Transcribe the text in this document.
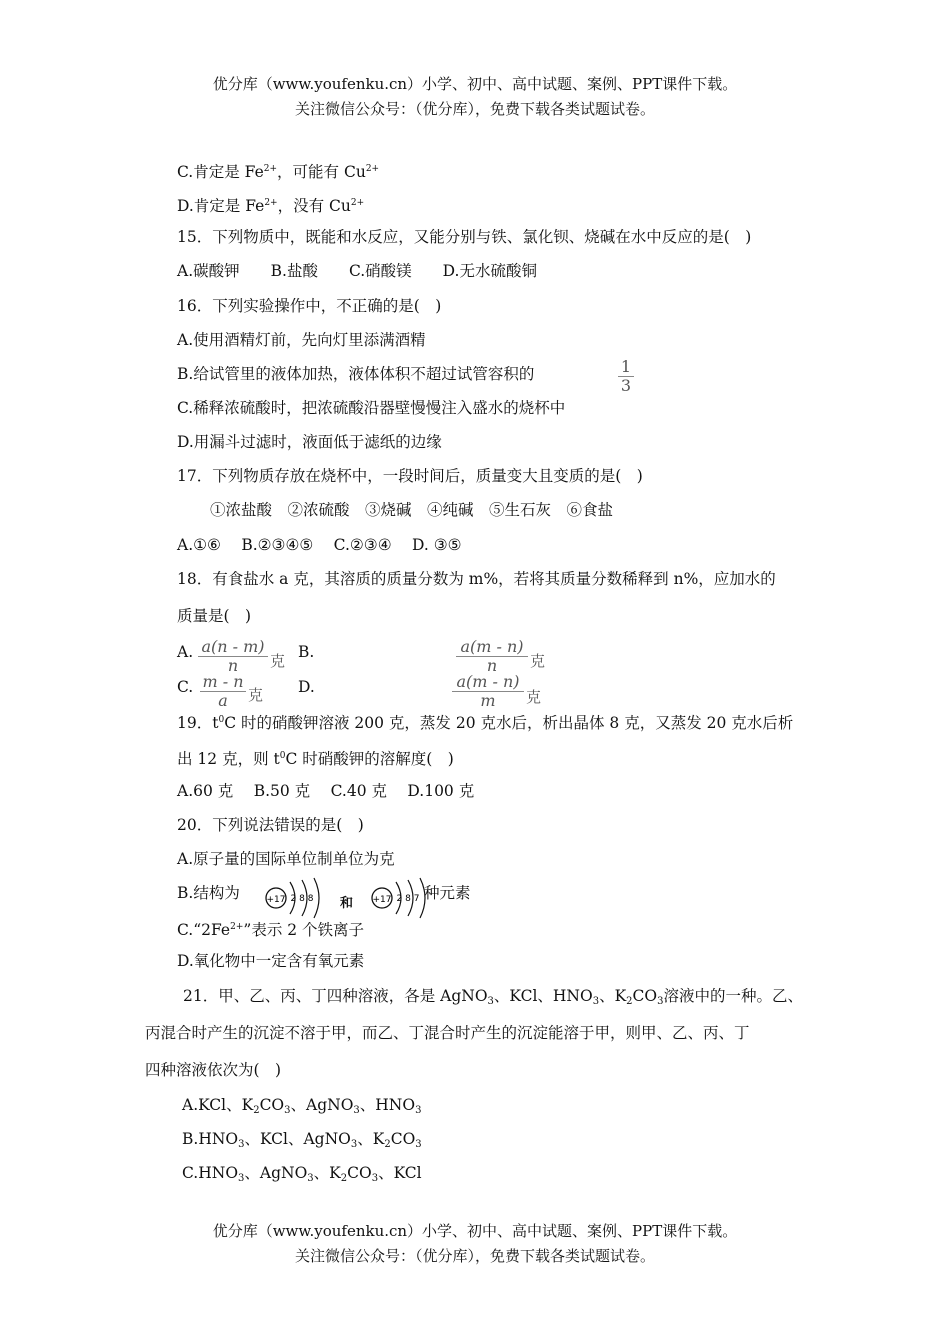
优分库（www.youfenku.cn）小学、初中、高中试题、案例、PPT课件下载。
关注微信公众号：（优分库），免费下载各类试题试卷。
C.肯定是 $Fe^{2+}$，可能有 $Cu^{2+}$
D.肯定是 $Fe^{2+}$，没有 $Cu^{2+}$
15．下列物质中，既能和水反应，又能分别与铁、氯化钡、烧碱在水中反应的是(　)
A.碳酸钾　　B.盐酸　　C.硝酸镁　　D.无水硫酸铜
16．下列实验操作中，不正确的是(　)
A.使用酒精灯前，先向灯里添满酒精
B.给试管里的液体加热，液体体积不超过试管容积的	$\frac{1}{3}$
C.稀释浓硫酸时，把浓硫酸沿器壁慢慢注入盛水的烧杯中
D.用漏斗过滤时，液面低于滤纸的边缘
17．下列物质存放在烧杯中，一段时间后，质量变大且变质的是(　)
①浓盐酸　②浓硫酸　③烧碱　④纯碱　⑤生石灰　⑥食盐
A.①⑥　 B.②③④⑤　 C.②③④　 D. ③⑤
18．有食盐水 a 克，其溶质的质量分数为 m%，若将其质量分数稀释到 n%，应加水的
质量是(　)
A. $\frac{a(n - m)}{n}$ 克 B.	$\frac{a(m - n)}{n}$ 克
C. $\frac{m - n}{a}$ 克 D.	$\frac{a(m - n)}{m}$ 克
19．$t^0C$ 时的硝酸钾溶液 200 克，蒸发 20 克水后，析出晶体 8 克，又蒸发 20 克水后析
出 12 克，则 $t^0C$ 时硝酸钾的溶解度(　)
A.60 克　 B.50 克　 C.40 克　 D.100 克
20．下列说法错误的是(　)
A.原子量的国际单位制单位为克
B.结构为	+17 2 8 8 和 +17 2 8 7 种元素
$C.“2Fe^{2+}$”表示 2 个铁离子
D.氧化物中一定含有氧元素
21．甲、乙、丙、丁四种溶液，各是 AgNO$_3$、KCl、$HNO_3$、$K_2CO_3$溶液中的一种。乙、
丙混合时产生的沉淀不溶于甲，而乙、丁混合时产生的沉淀能溶于甲，则甲、乙、丙、丁
四种溶液依次为(　)
A.KCl、$K_2CO_3$、AgNO$_3$、$HNO_3$
$B.HNO_3$、KCl、AgNO$_3$、$K_2CO_3$
$C.HNO_3$、AgNO$_3$、$K_2CO_3$、KCl
优分库（www.youfenku.cn）小学、初中、高中试题、案例、PPT课件下载。
关注微信公众号：（优分库），免费下载各类试题试卷。
